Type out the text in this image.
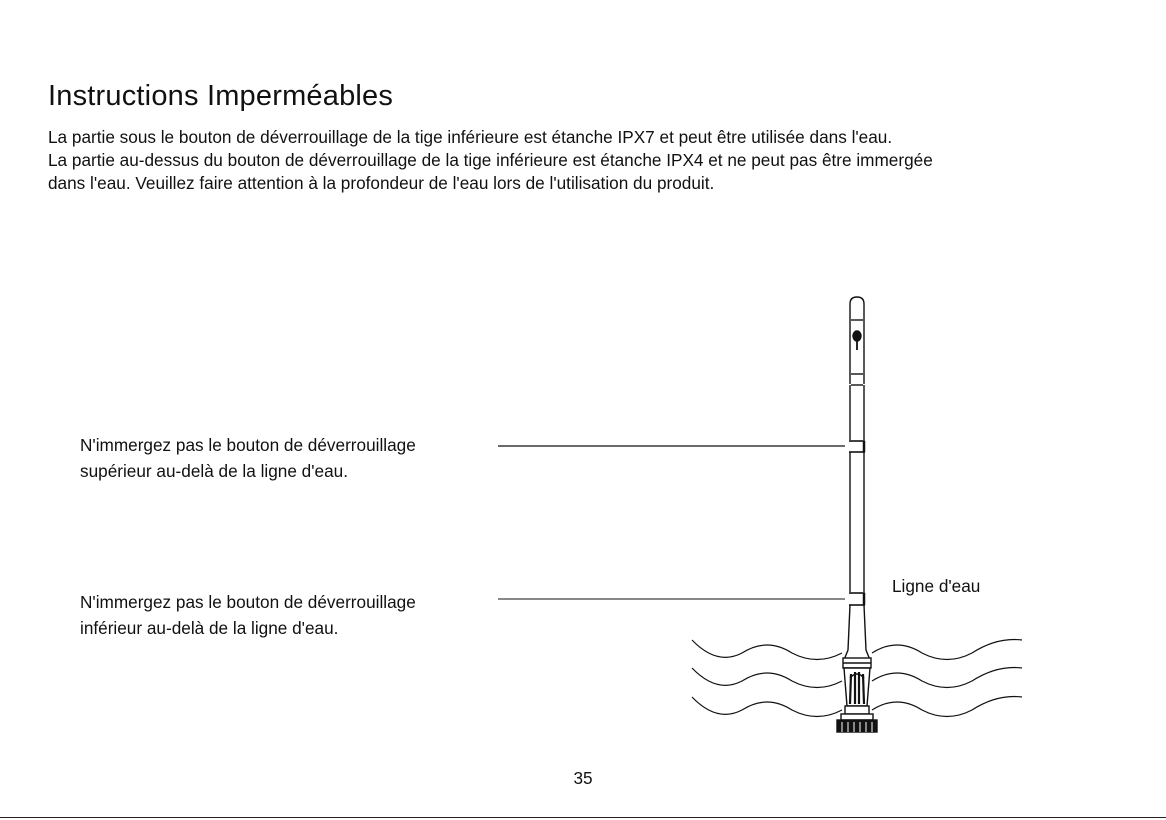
Instructions Imperméables

La partie sous le bouton de déverrouillage de la tige inférieure est étanche IPX7 et peut être utilisée dans l'eau.

La partie au-dessus du bouton de déverrouillage de la tige inférieure est étanche IPX4 et ne peut pas être immergée

dans l'eau. Veuillez faire attention à la profondeur de l'eau lors de l'utilisation du produit.

N'immergez pas le bouton de déverrouillage
supérieur au-delà de la ligne d'eau.
N'immergez pas le bouton de déverrouillage
inférieur au-delà de la ligne d'eau.
Ligne d'eau
35
